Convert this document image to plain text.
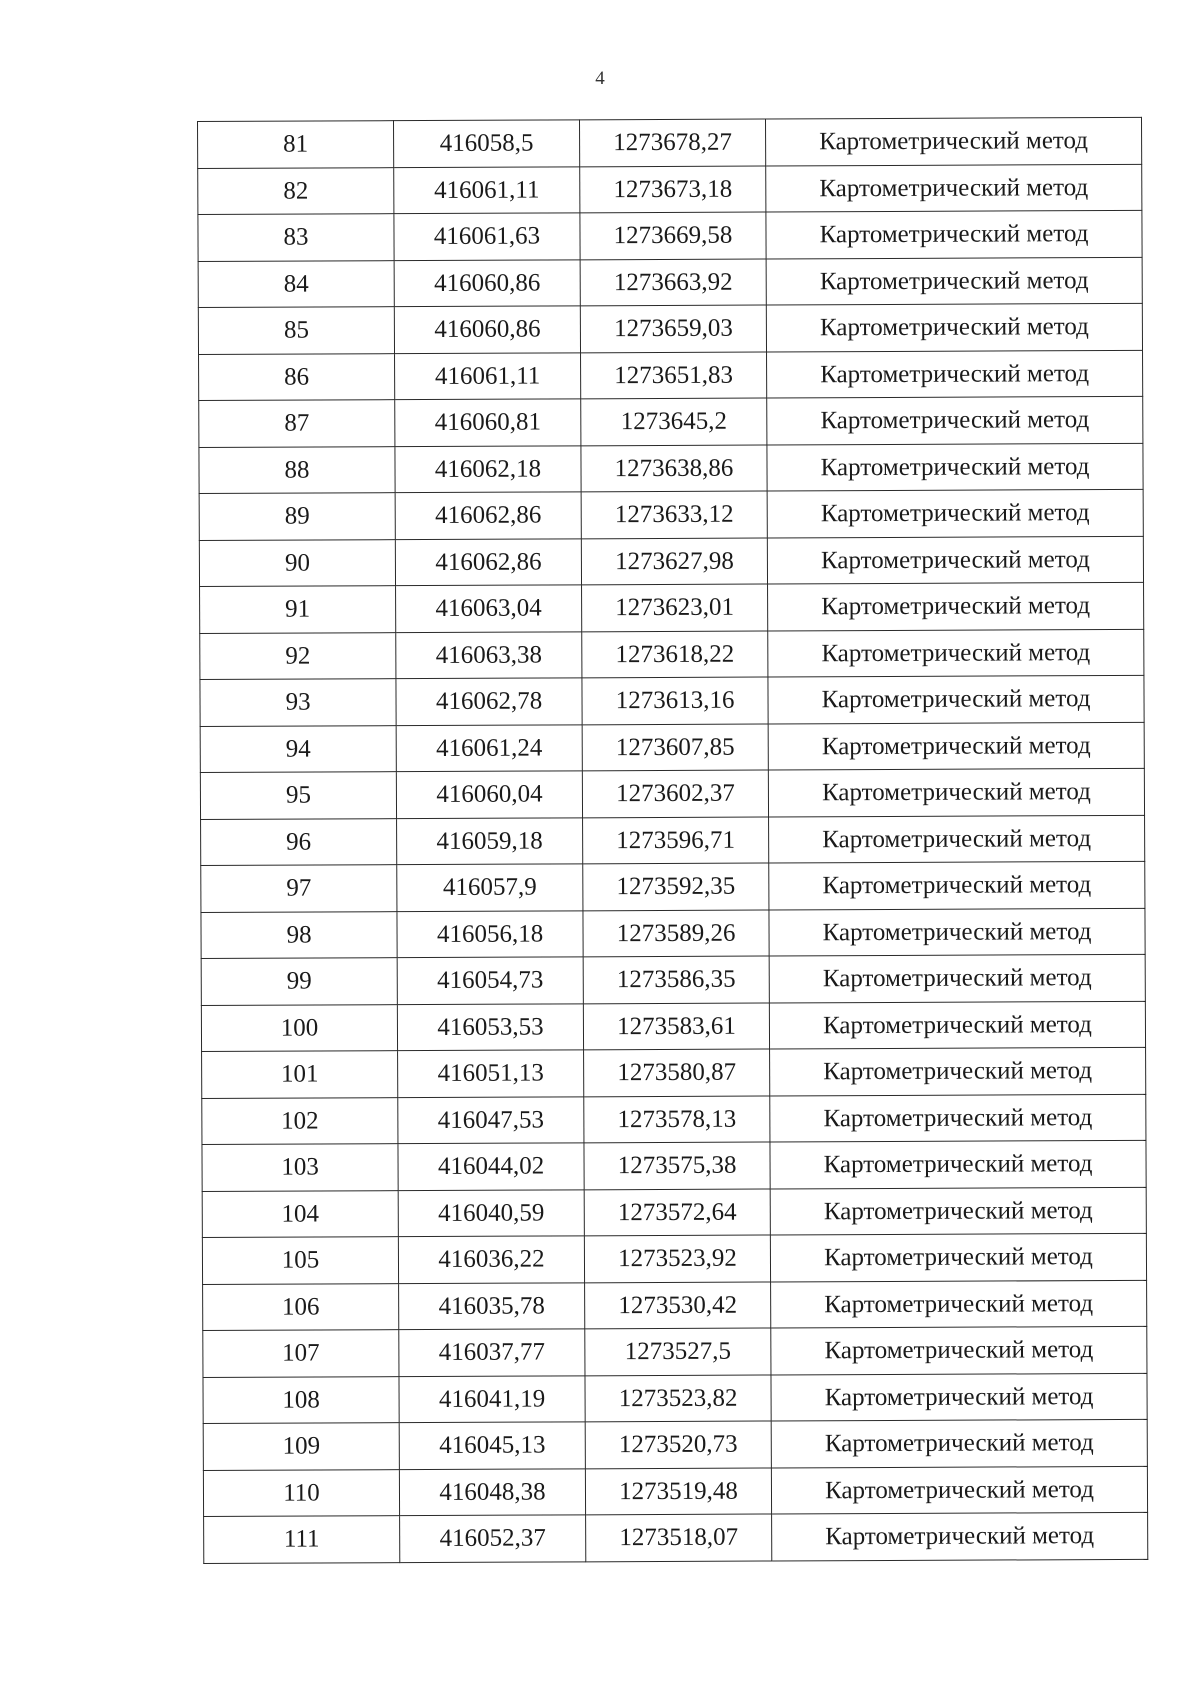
4
81	416058,5	1273678,27	Картометрический метод
82	416061,11	1273673,18	Картометрический метод
83	416061,63	1273669,58	Картометрический метод
84	416060,86	1273663,92	Картометрический метод
85	416060,86	1273659,03	Картометрический метод
86	416061,11	1273651,83	Картометрический метод
87	416060,81	1273645,2	Картометрический метод
88	416062,18	1273638,86	Картометрический метод
89	416062,86	1273633,12	Картометрический метод
90	416062,86	1273627,98	Картометрический метод
91	416063,04	1273623,01	Картометрический метод
92	416063,38	1273618,22	Картометрический метод
93	416062,78	1273613,16	Картометрический метод
94	416061,24	1273607,85	Картометрический метод
95	416060,04	1273602,37	Картометрический метод
96	416059,18	1273596,71	Картометрический метод
97	416057,9	1273592,35	Картометрический метод
98	416056,18	1273589,26	Картометрический метод
99	416054,73	1273586,35	Картометрический метод
100	416053,53	1273583,61	Картометрический метод
101	416051,13	1273580,87	Картометрический метод
102	416047,53	1273578,13	Картометрический метод
103	416044,02	1273575,38	Картометрический метод
104	416040,59	1273572,64	Картометрический метод
105	416036,22	1273523,92	Картометрический метод
106	416035,78	1273530,42	Картометрический метод
107	416037,77	1273527,5	Картометрический метод
108	416041,19	1273523,82	Картометрический метод
109	416045,13	1273520,73	Картометрический метод
110	416048,38	1273519,48	Картометрический метод
111	416052,37	1273518,07	Картометрический метод
